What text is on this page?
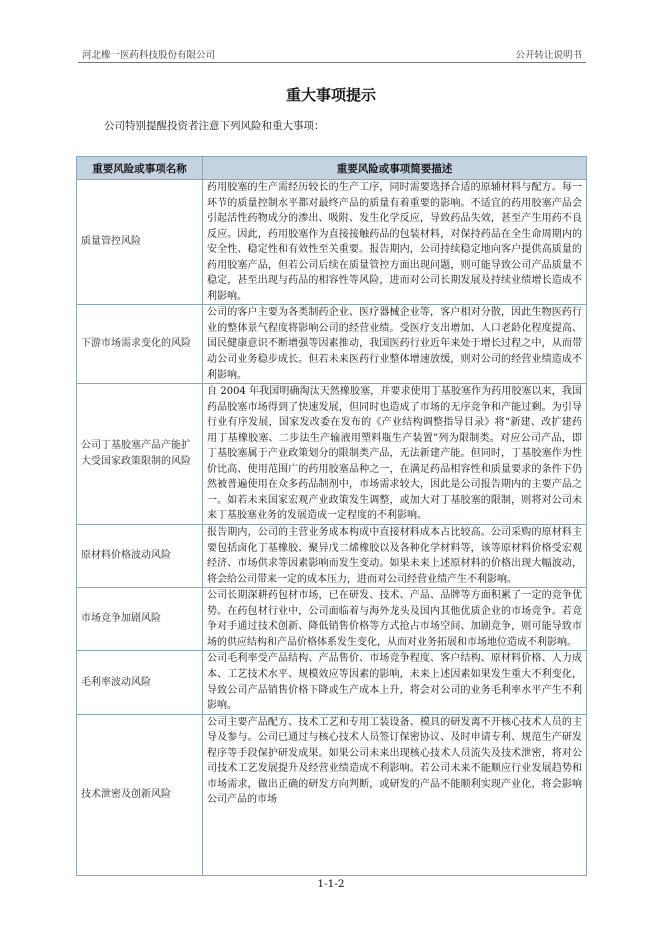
河北橡一医药科技股份有限公司	公开转让说明书
重大事项提示
公司特别提醒投资者注意下列风险和重大事项：
重要风险或事项名称	重要风险或事项简要描述
质量管控风险	药用胶塞的生产需经历较长的生产工序，同时需要选择合适的原辅材料与配方。每一环节的质量控制水平都对最终产品的质量有着重要的影响。不适宜的药用胶塞产品会引起活性药物成分的渗出、吸附、发生化学反应，导致药品失效，甚至产生用药不良反应。因此，药用胶塞作为直接接触药品的包装材料，对保持药品在全生命周期内的安全性、稳定性和有效性至关重要。报告期内，公司持续稳定地向客户提供高质量的药用胶塞产品，但若公司后续在质量管控方面出现问题，则可能导致公司产品质量不稳定，甚至出现与药品的相容性等风险，进而对公司长期发展及持续业绩增长造成不利影响。
下游市场需求变化的风险	公司的客户主要为各类制药企业、医疗器械企业等，客户相对分散，因此生物医药行业的整体景气程度将影响公司的经营业绩。受医疗支出增加、人口老龄化程度提高、国民健康意识不断增强等因素推动，我国医药行业近年来处于增长过程之中，从而带动公司业务稳步成长。但若未来医药行业整体增速放缓，则对公司的经营业绩造成不利影响。
公司丁基胶塞产品产能扩大受国家政策限制的风险	自 2004 年我国明确淘汰天然橡胶塞，并要求使用丁基胶塞作为药用胶塞以来，我国药品胶塞市场得到了快速发展，但同时也造成了市场的无序竞争和产能过剩。为引导行业有序发展，国家发改委在发布的《产业结构调整指导目录》将“新建、改扩建药用丁基橡胶塞、二步法生产输液用塑料瓶生产装置”列为限制类。对应公司产品，即丁基胶塞属于产业政策划分的限制类产品，无法新建产能。但同时，丁基胶塞作为性价比高、使用范围广的药用胶塞品种之一，在满足药品相容性和质量要求的条件下仍然被普遍使用在众多药品制剂中，市场需求较大，因此是公司报告期内的主要产品之一。如若未来国家宏观产业政策发生调整，或加大对丁基胶塞的限制，则将对公司未来丁基胶塞业务的发展造成一定程度的不利影响。
原材料价格波动风险	报告期内，公司的主营业务成本构成中直接材料成本占比较高。公司采购的原材料主要包括卤化丁基橡胶、聚异戊二烯橡胶以及各种化学材料等，该等原材料价格受宏观经济、市场供求等因素影响而发生变动。如果未来上述原材料的价格出现大幅波动，将会给公司带来一定的成本压力，进而对公司经营业绩产生不利影响。
市场竞争加剧风险	公司长期深耕药包材市场，已在研发、技术、产品、品牌等方面积累了一定的竞争优势。在药包材行业中，公司面临着与海外龙头及国内其他优质企业的市场竞争。若竞争对手通过技术创新、降低销售价格等方式抢占市场空间、加剧竞争，则可能导致市场的供应结构和产品价格体系发生变化，从而对业务拓展和市场地位造成不利影响。
毛利率波动风险	公司毛利率受产品结构、产品售价、市场竞争程度、客户结构、原材料价格、人力成本、工艺技术水平、规模效应等因素的影响，未来上述因素如果发生重大不利变化，导致公司产品销售价格下降或生产成本上升，将会对公司的业务毛利率水平产生不利影响。
技术泄密及创新风险	公司主要产品配方、技术工艺和专用工装设备、模具的研发离不开核心技术人员的主导及参与。公司已通过与核心技术人员签订保密协议、及时申请专利、规范生产研发程序等手段保护研发成果。如果公司未来出现核心技术人员流失及技术泄密，将对公司技术工艺发展提升及经营业绩造成不利影响。若公司未来不能顺应行业发展趋势和市场需求，做出正确的研发方向判断，或研发的产品不能顺利实现产业化，将会影响公司产品的市场
1-1-2
